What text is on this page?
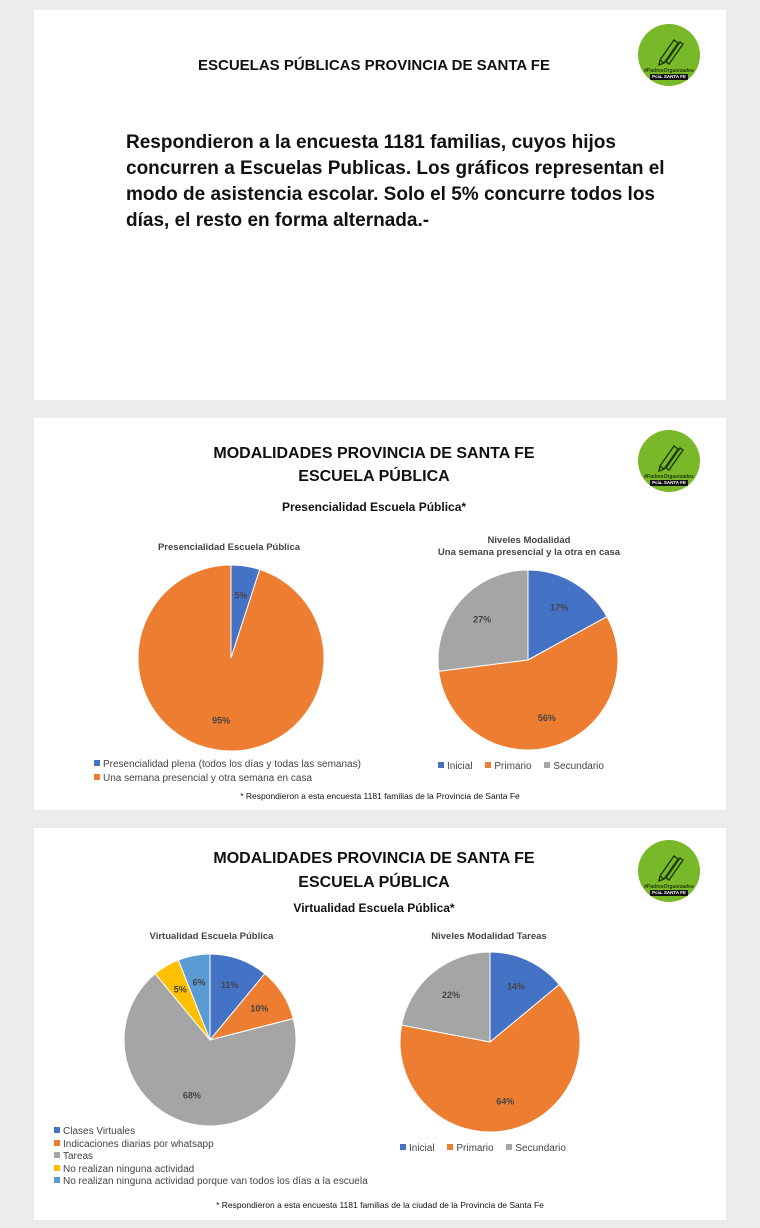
#PadresOrganizados
Pcia. SANTA FE
ESCUELAS PÚBLICAS PROVINCIA DE SANTA FE
Respondieron a la encuesta 1181 familias, cuyos hijos concurren a Escuelas Publicas. Los gráficos representan el modo de asistencia escolar. Solo el 5% concurre todos los días, el resto en forma alternada.-
#PadresOrganizados
Pcia. SANTA FE
MODALIDADES PROVINCIA DE SANTA FE
ESCUELA PÚBLICA
Presencialidad Escuela Pública*
Presencialidad Escuela Pública
5%
95%
Presencialidad plena (todos los días y todas las semanas)
Una semana presencial y otra semana en casa
Niveles Modalidad
Una semana presencial y la otra en casa
17%
56%
27%
Inicial Primario Secundario
* Respondieron a esta encuesta 1181 familias de la Provincia de Santa Fe
#PadresOrganizados
Pcia. SANTA FE
MODALIDADES PROVINCIA DE SANTA FE
ESCUELA PÚBLICA
Virtualidad Escuela Pública*
Virtualidad Escuela Pública
11%
10%
68%
5%
6%
Clases Virtuales
Indicaciones diarias por whatsapp
Tareas
No realizan ninguna actividad
No realizan ninguna actividad porque van todos los días a la escuela
Niveles Modalidad Tareas
14%
64%
22%
Inicial Primario Secundario
* Respondieron a esta encuesta 1181 familias de la ciudad de la Provincia de Santa Fe
